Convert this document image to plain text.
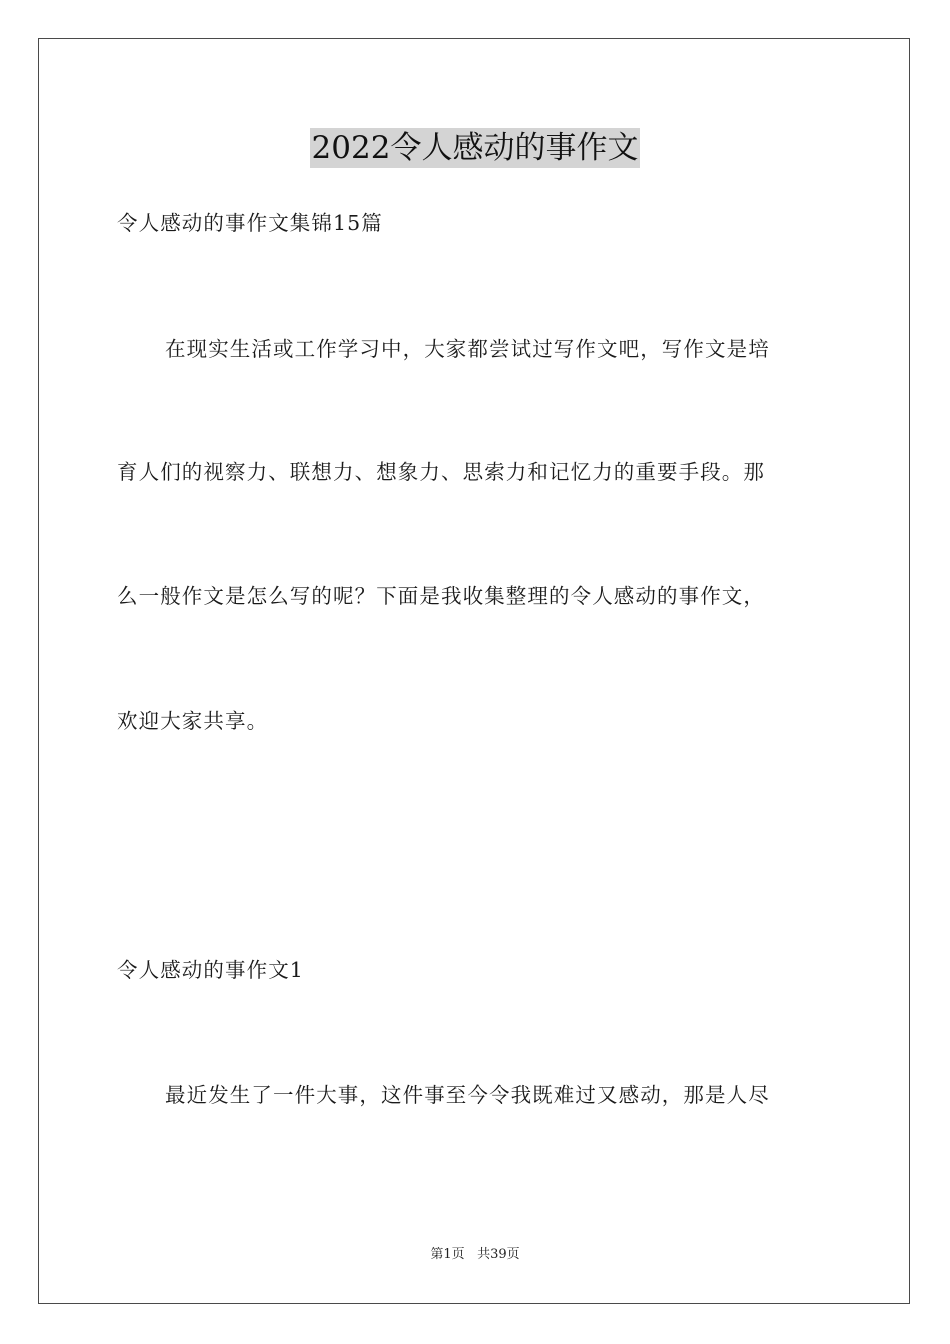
2022令人感动的事作文
令人感动的事作文集锦15篇
在现实生活或工作学习中，大家都尝试过写作文吧，写作文是培
育人们的视察力、联想力、想象力、思索力和记忆力的重要手段。那
么一般作文是怎么写的呢？下面是我收集整理的令人感动的事作文，
欢迎大家共享。
令人感动的事作文1
最近发生了一件大事，这件事至今令我既难过又感动，那是人尽
第1页 共39页
